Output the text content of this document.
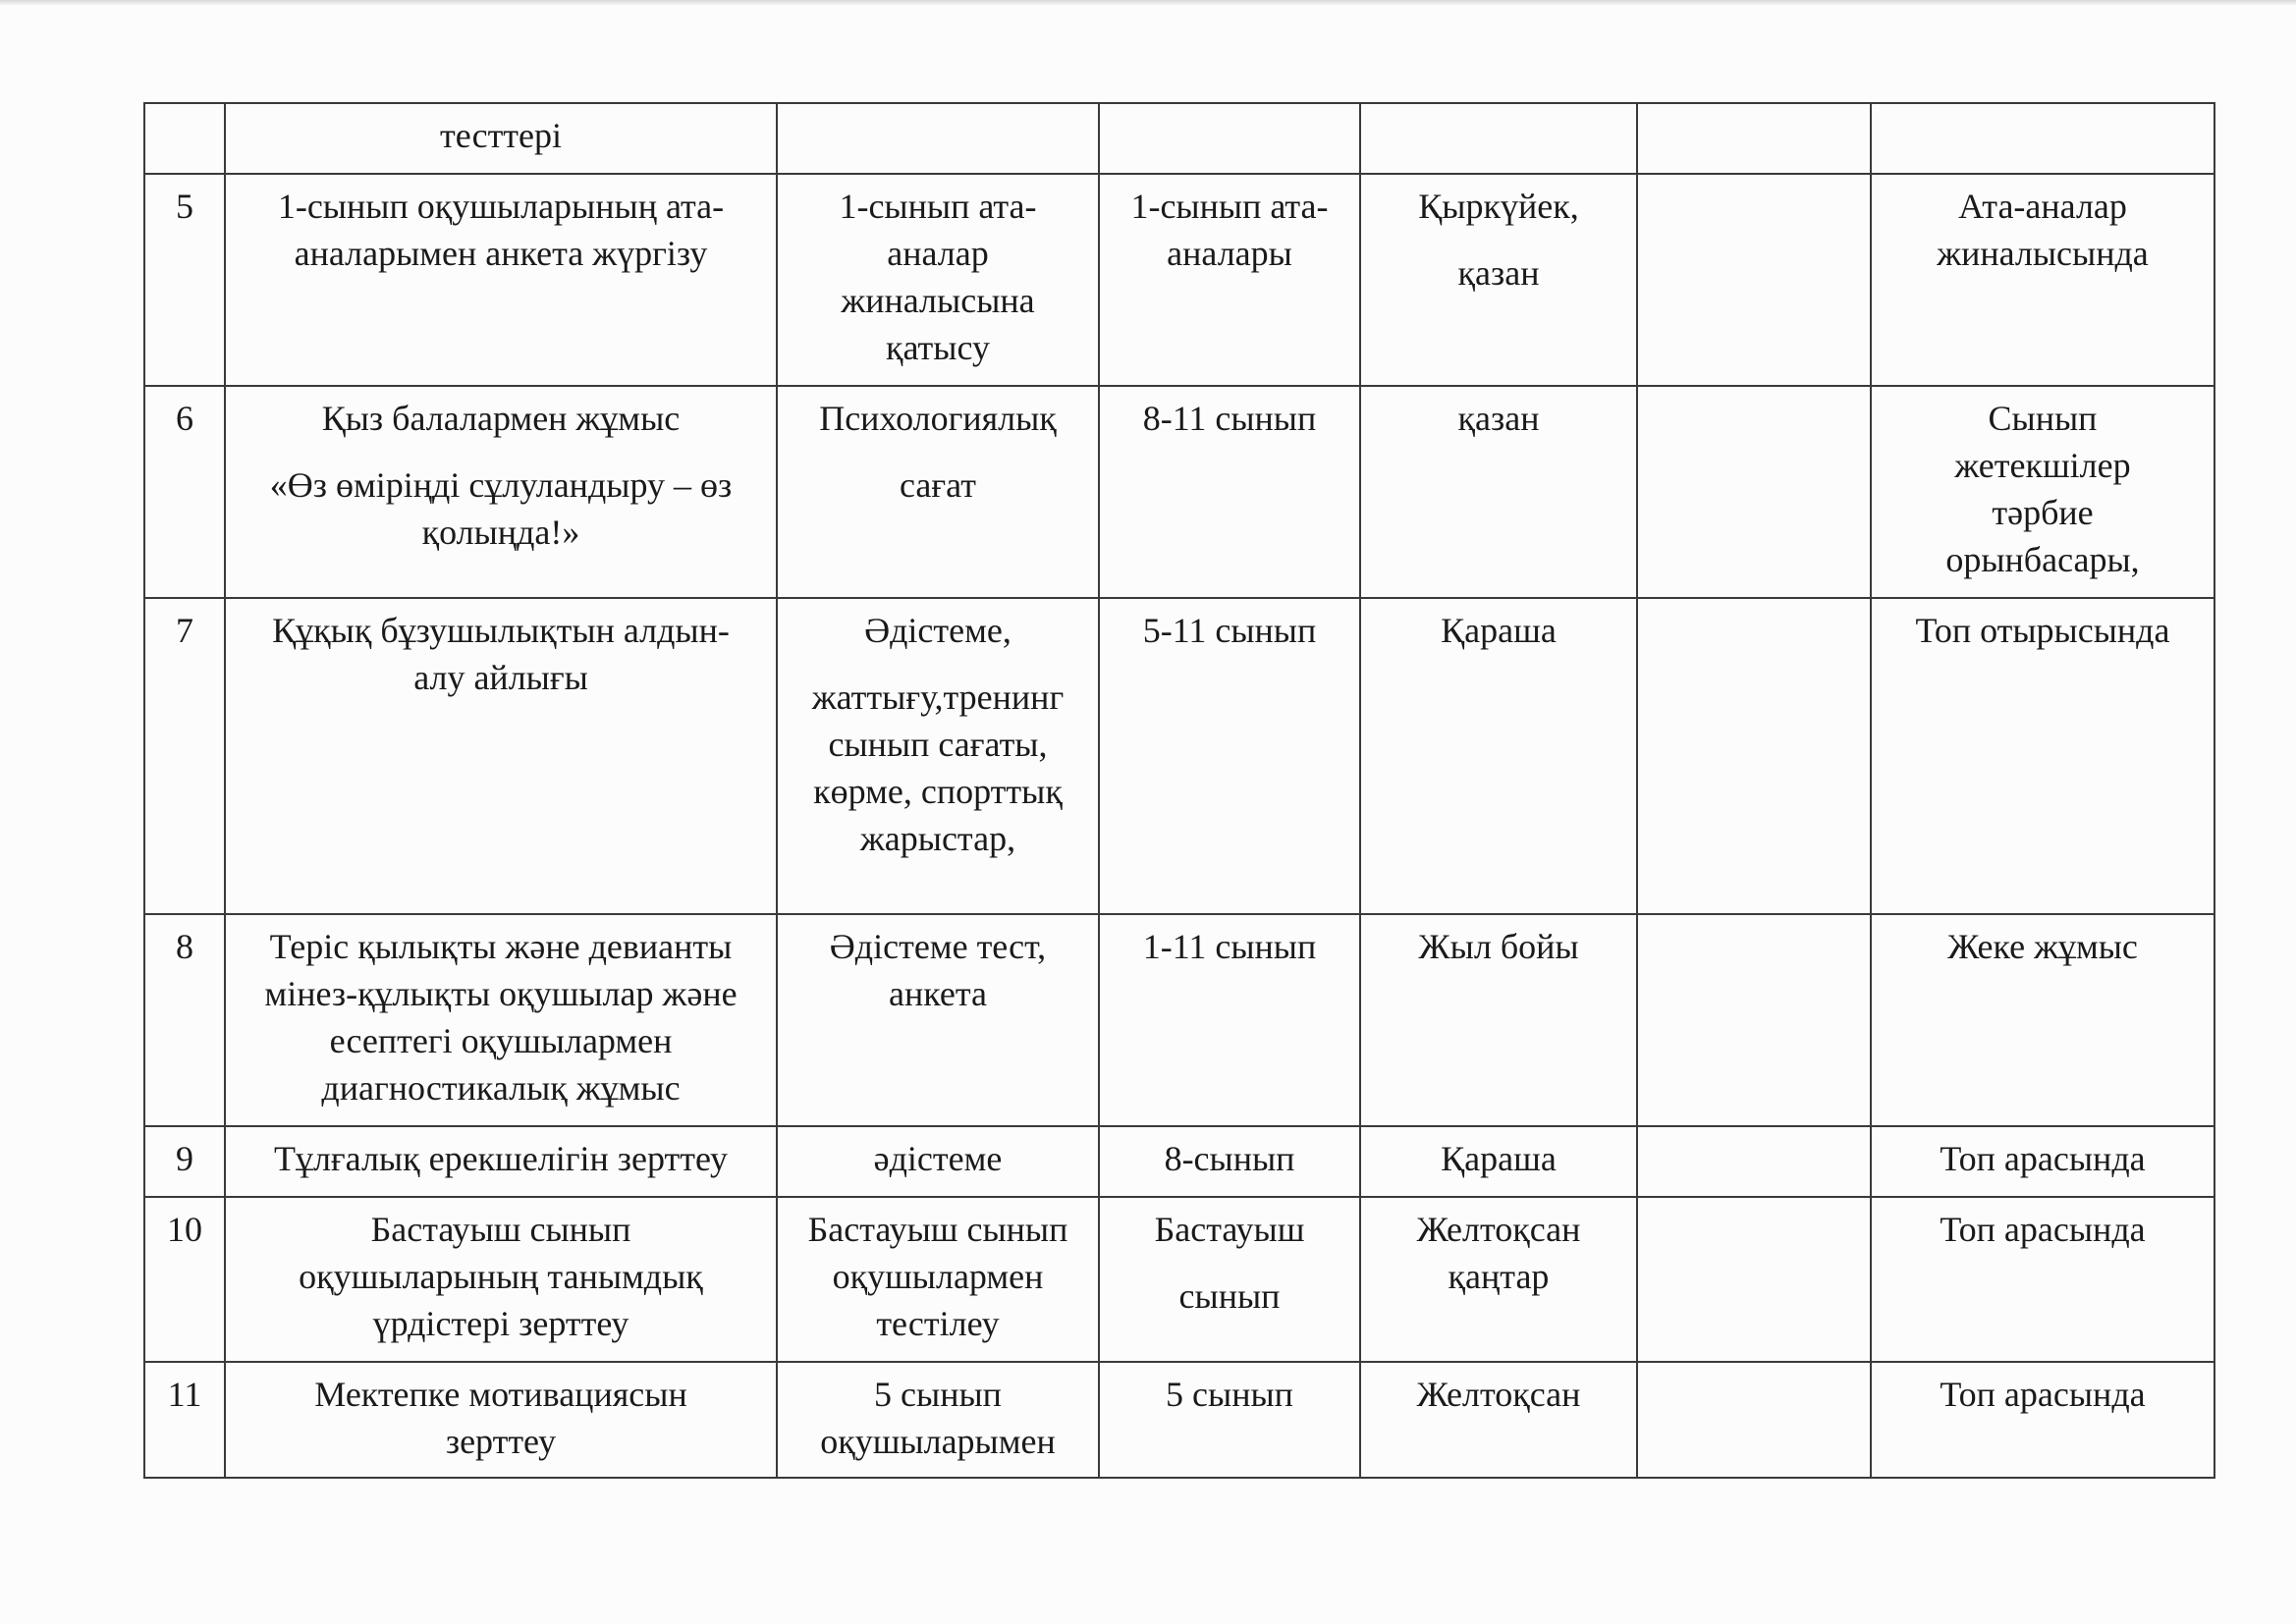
	тесттері					

5	1-сынып оқушыларының ата-
аналарымен анкета жүргізу	1-сынып ата-
аналар
жиналысына
қатысу	1-сынып ата-
аналары	Қыркүйек,
қазан		Ата-аналар
жиналысында

6	Қыз балалармен жұмыс
«Өз өміріңді сұлуландыру – өз
қолыңда!»	Психологиялық
сағат	8-11 сынып	қазан		Сынып
жетекшілер
тәрбие
орынбасары,

7	Құқық бұзушылықтын алдын-
алу айлығы	Әдістеме,
жаттығу,тренинг
сынып сағаты,
көрме, спорттық
жарыстар,	5-11 сынып	Қараша		Топ отырысында

8	Теріс қылықты және девианты
мінез-құлықты оқушылар және
есептегі оқушылармен
диагностикалық жұмыс	Әдістеме тест,
анкета	1-11 сынып	Жыл бойы		Жеке жұмыс

9	Тұлғалық ерекшелігін зерттеу	әдістеме	8-сынып	Қараша		Топ арасында

10	Бастауыш сынып
оқушыларының танымдық
үрдістері зерттеу	Бастауыш сынып
оқушылармен
тестілеу	Бастауыш
сынып	Желтоқсан
қаңтар		Топ арасында

11	Мектепке мотивациясын
зерттеу	5 сынып
оқушыларымен	5 сынып	Желтоқсан		Топ арасында
